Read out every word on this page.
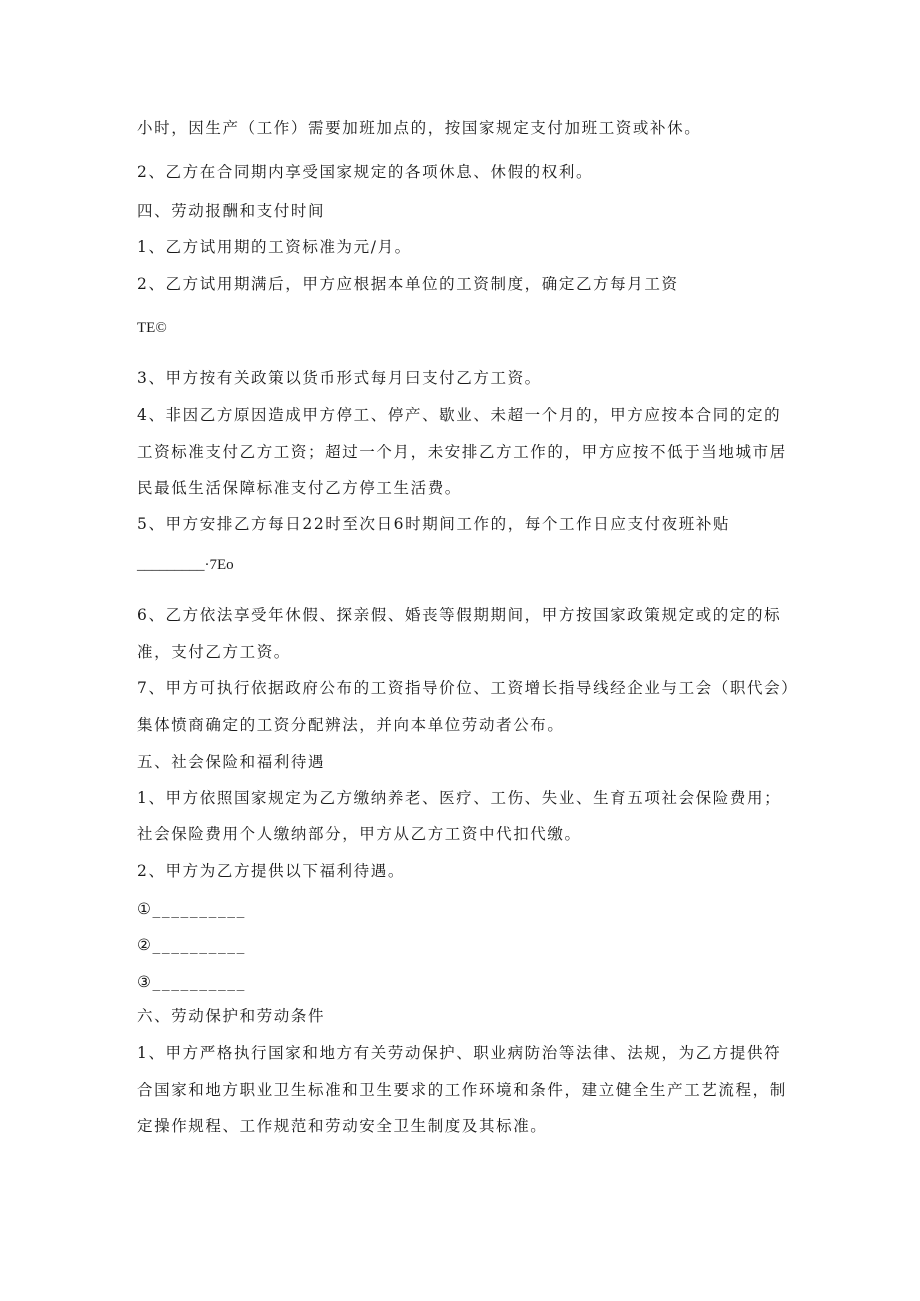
小时，因生产（工作）需要加班加点的，按国家规定支付加班工资或补休。
2、乙方在合同期内享受国家规定的各项休息、休假的权利。
四、劳动报酬和支付时间
1、乙方试用期的工资标准为元/月。
2、乙方试用期满后，甲方应根据本单位的工资制度，确定乙方每月工资
TE©
3、甲方按有关政策以货币形式每月曰支付乙方工资。
4、非因乙方原因造成甲方停工、停产、歇业、未超一个月的，甲方应按本合同的定的
工资标准支付乙方工资；超过一个月，未安排乙方工作的，甲方应按不低于当地城市居
民最低生活保障标准支付乙方停工生活费。
5、甲方安排乙方每日22时至次日6时期间工作的，每个工作日应支付夜班补贴
_________·7Eo
6、乙方依法享受年休假、探亲假、婚丧等假期期间，甲方按国家政策规定或的定的标
准，支付乙方工资。
7、甲方可执行依据政府公布的工资指导价位、工资增长指导线经企业与工会（职代会）
集体愤商确定的工资分配辨法，并向本单位劳动者公布。
五、社会保险和福利待遇
1、甲方依照国家规定为乙方缴纳养老、医疗、工伤、失业、生育五项社会保险费用；
社会保险费用个人缴纳部分，甲方从乙方工资中代扣代缴。
2、甲方为乙方提供以下福利待遇。
①__________
②__________
③__________
六、劳动保护和劳动条件
1、甲方严格执行国家和地方有关劳动保护、职业病防治等法律、法规，为乙方提供符
合国家和地方职业卫生标准和卫生要求的工作环境和条件，建立健全生产工艺流程，制
定操作规程、工作规范和劳动安全卫生制度及其标准。
